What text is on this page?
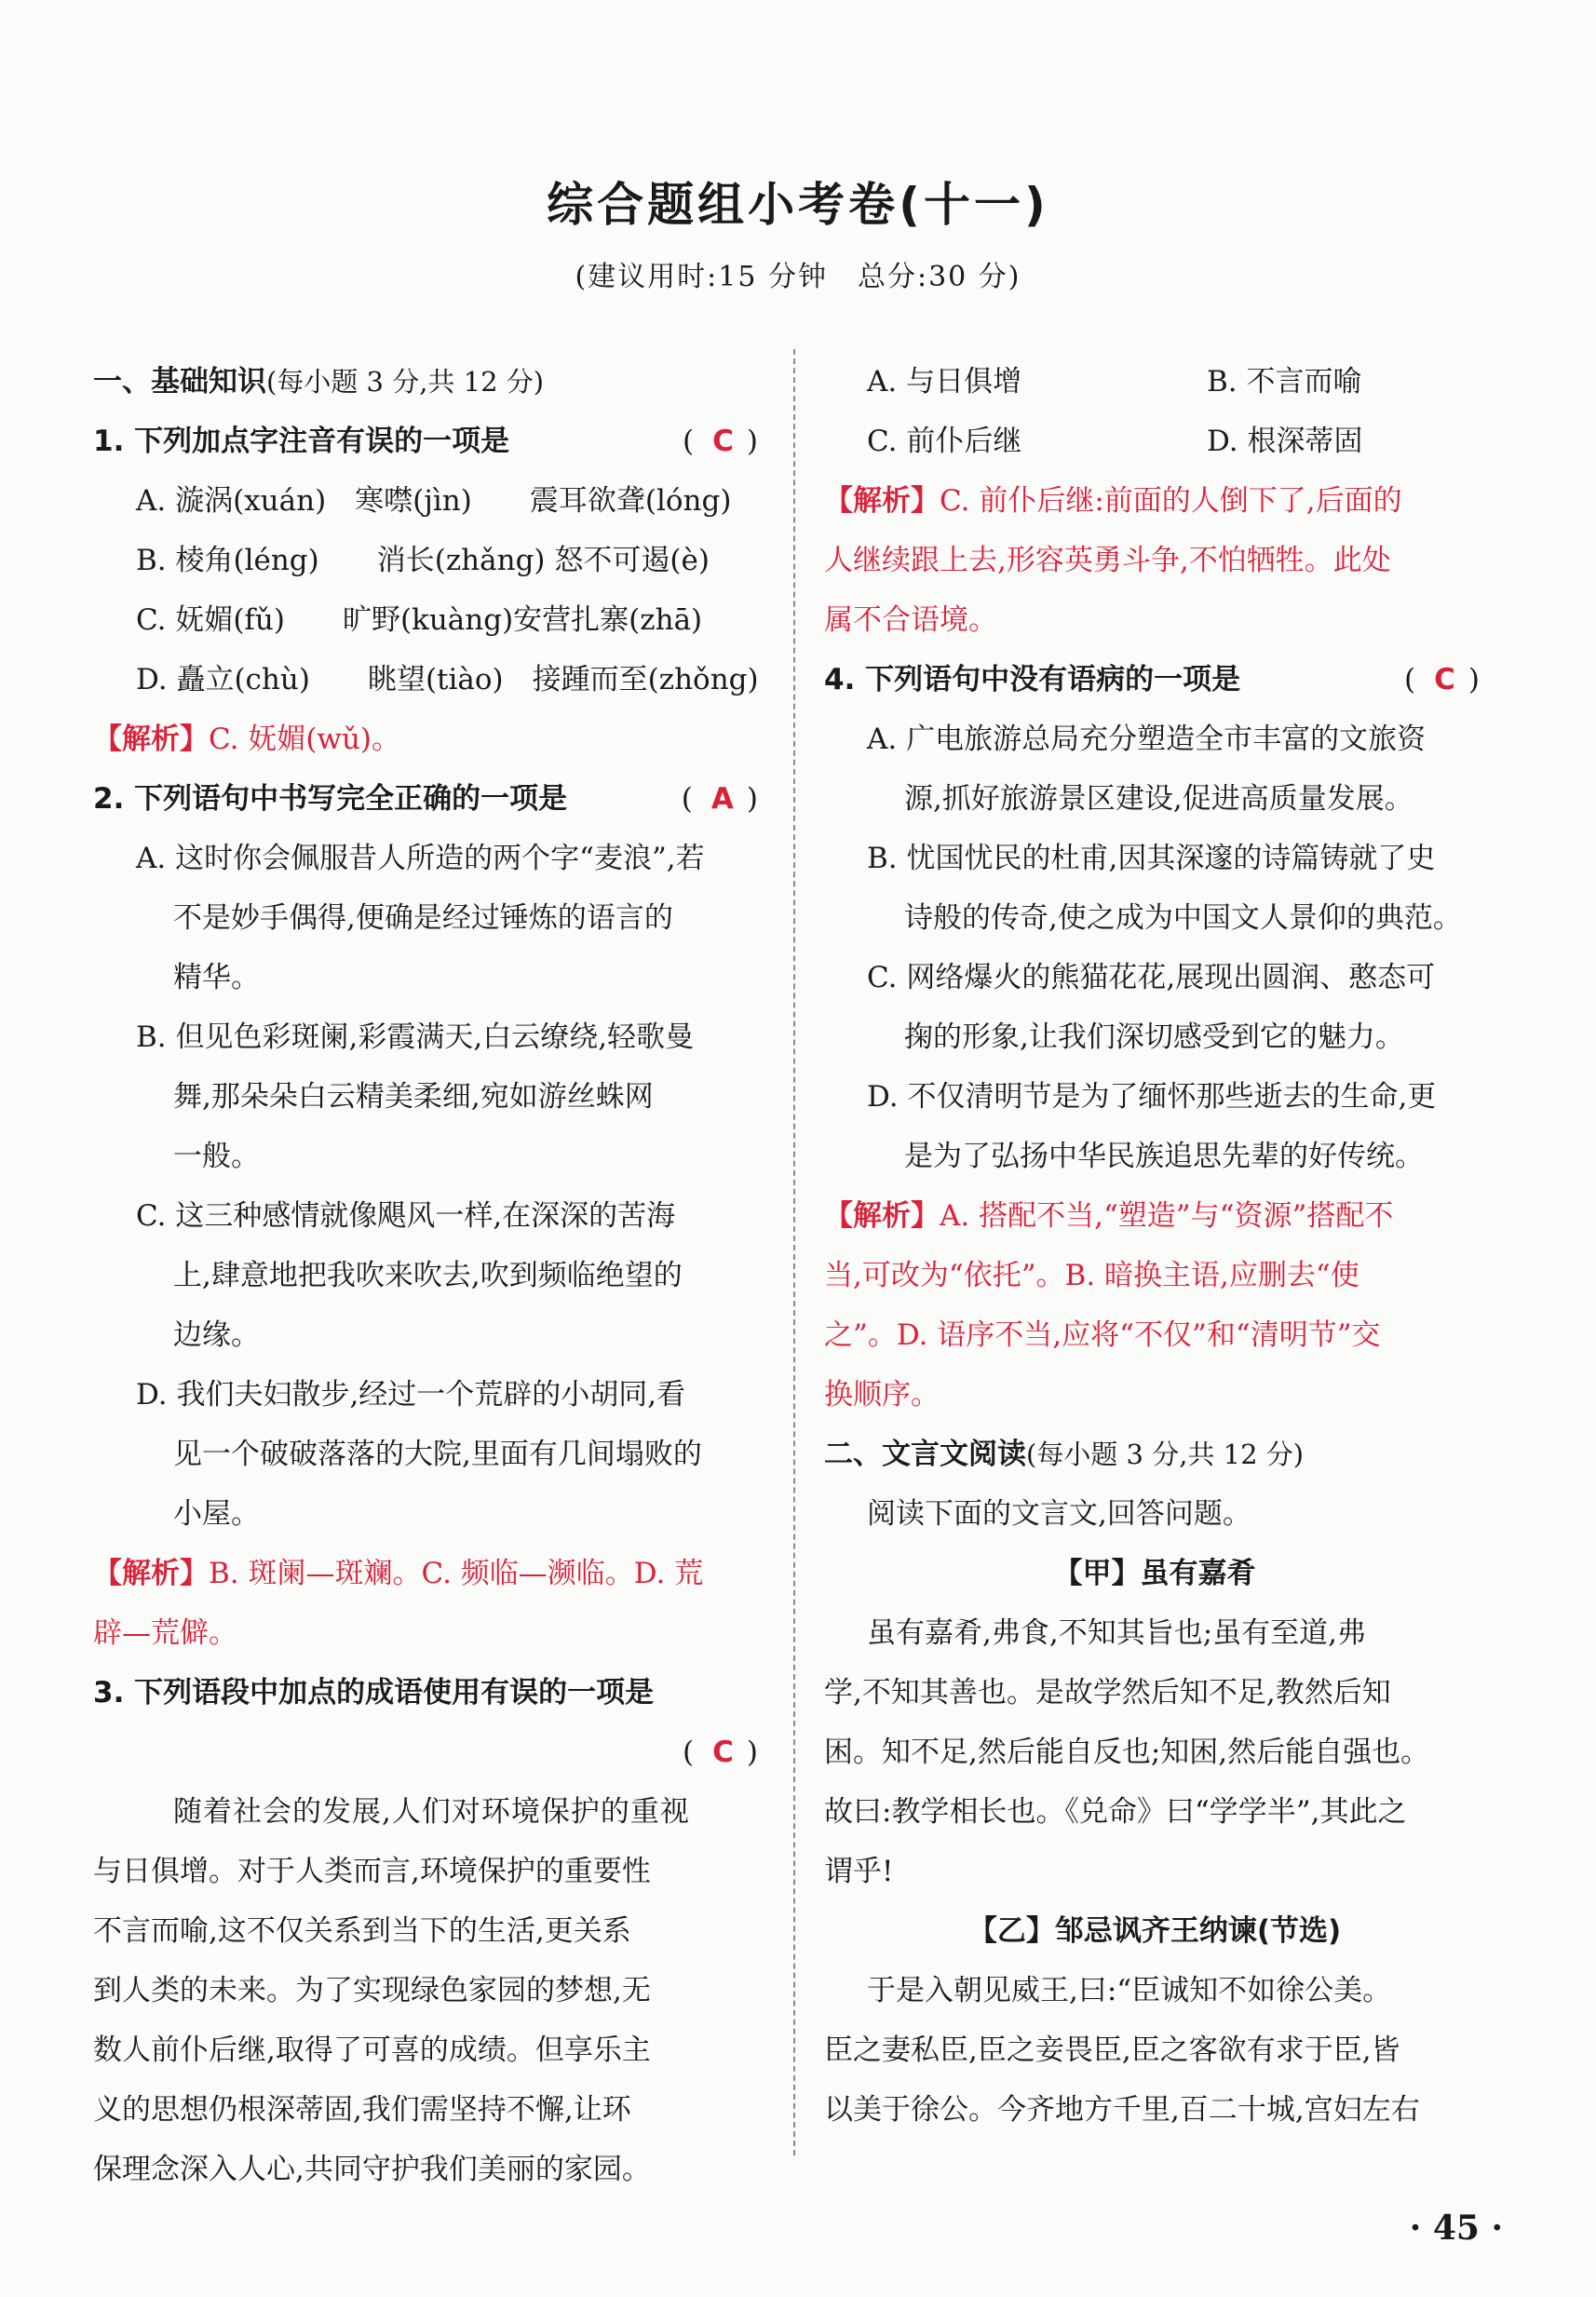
综合题组小考卷(十一)
(建议用时:15 分钟　总分:30 分)
一、基础知识(每小题 3 分,共 12 分)
1. 下列加点字注音有误的一项是	( C )
A. 漩涡(xuán)　寒噤(jìn)　　震耳欲聋(lóng)
B. 棱角(léng)　　消长(zhǎng) 怒不可遏(è)
C. 妩媚(fǔ)　　旷野(kuàng)安营扎寨(zhā)
D. 矗立(chù)　　眺望(tiào)　接踵而至(zhǒng)
【解析】C. 妩媚(wǔ)。
2. 下列语句中书写完全正确的一项是	( A )
A. 这时你会佩服昔人所造的两个字“麦浪”,若
不是妙手偶得,便确是经过锤炼的语言的
精华。
B. 但见色彩斑阑,彩霞满天,白云缭绕,轻歌曼
舞,那朵朵白云精美柔细,宛如游丝蛛网
一般。
C. 这三种感情就像飓风一样,在深深的苦海
上,肆意地把我吹来吹去,吹到频临绝望的
边缘。
D. 我们夫妇散步,经过一个荒辟的小胡同,看
见一个破破落落的大院,里面有几间塌败的
小屋。
【解析】B. 斑阑—斑斓。C. 频临—濒临。D. 荒
辟—荒僻。
3. 下列语段中加点的成语使用有误的一项是
( C )
随着社会的发展,人们对环境保护的重视
与日俱增。对于人类而言,环境保护的重要性
不言而喻,这不仅关系到当下的生活,更关系
到人类的未来。为了实现绿色家园的梦想,无
数人前仆后继,取得了可喜的成绩。但享乐主
义的思想仍根深蒂固,我们需坚持不懈,让环
保理念深入人心,共同守护我们美丽的家园。
A. 与日俱增	B. 不言而喻
C. 前仆后继	D. 根深蒂固
【解析】C. 前仆后继:前面的人倒下了,后面的
人继续跟上去,形容英勇斗争,不怕牺牲。此处
属不合语境。
4. 下列语句中没有语病的一项是	( C )
A. 广电旅游总局充分塑造全市丰富的文旅资
源,抓好旅游景区建设,促进高质量发展。
B. 忧国忧民的杜甫,因其深邃的诗篇铸就了史
诗般的传奇,使之成为中国文人景仰的典范。
C. 网络爆火的熊猫花花,展现出圆润、憨态可
掬的形象,让我们深切感受到它的魅力。
D. 不仅清明节是为了缅怀那些逝去的生命,更
是为了弘扬中华民族追思先辈的好传统。
【解析】A. 搭配不当,“塑造”与“资源”搭配不
当,可改为“依托”。B. 暗换主语,应删去“使
之”。D. 语序不当,应将“不仅”和“清明节”交
换顺序。
二、文言文阅读(每小题 3 分,共 12 分)
阅读下面的文言文,回答问题。
【甲】虽有嘉肴
虽有嘉肴,弗食,不知其旨也;虽有至道,弗
学,不知其善也。是故学然后知不足,教然后知
困。知不足,然后能自反也;知困,然后能自强也。
故曰:教学相长也。《兑命》曰“学学半”,其此之
谓乎!
【乙】邹忌讽齐王纳谏(节选)
于是入朝见威王,曰:“臣诚知不如徐公美。
臣之妻私臣,臣之妾畏臣,臣之客欲有求于臣,皆
以美于徐公。今齐地方千里,百二十城,宫妇左右
· 45 ·
